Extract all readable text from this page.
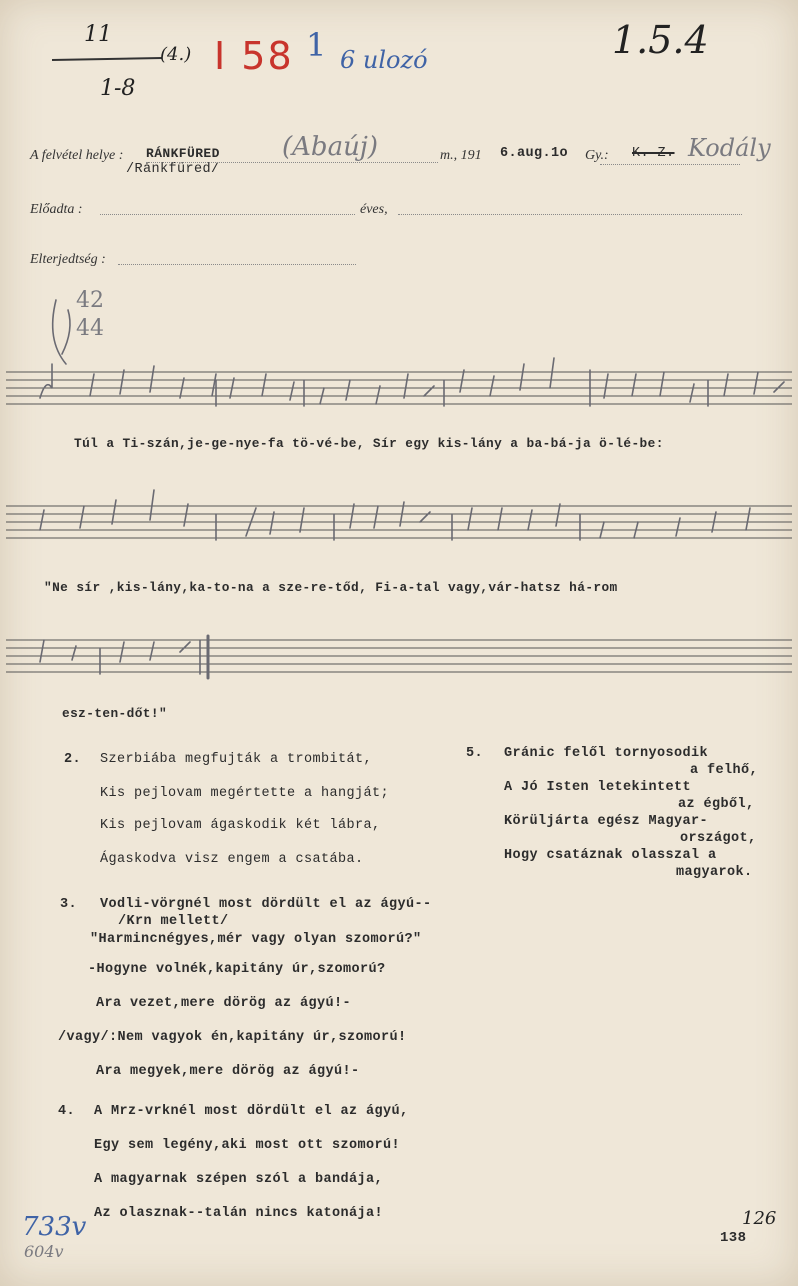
11
1-8
(4.) I 58 1 6 ulozó	1.5.4
A felvétel helye : RÁNKFÜRED
/Ránkfüred/
(Abaúj)	m., 191 6.aug.1o Gy.: K. Z. Kodály
Előadta :	éves,
Elterjedtség :
42
44
Túl a Ti-szán,je-ge-nye-fa tö-vé-be, Sír egy kis-lány a ba-bá-ja ö-lé-be:
"Ne sír ,kis-lány,ka-to-na a sze-re-tőd, Fi-a-tal vagy,vár-hatsz há-rom
esz-ten-dőt!"
2. Szerbiába megfujták a trombitát,
Kis pejlovam megértette a hangját;
Kis pejlovam ágaskodik két lábra,
Ágaskodva visz engem a csatába.
5. Gránic felől tornyosodik
a felhő,
A Jó Isten letekintett
az égből,
Körüljárta egész Magyar-
országot,
Hogy csatáznak olasszal a
magyarok.
3. Vodli-vörgnél most dördült el az ágyú--
/Krn mellett/
"Harmincnégyes,mér vagy olyan szomorú?"
-Hogyne volnék,kapitány úr,szomorú?
Ara vezet,mere dörög az ágyú!-
/vagy/:Nem vagyok én,kapitány úr,szomorú!
Ara megyek,mere dörög az ágyú!-
4. A Mrz-vrknél most dördült el az ágyú,
Egy sem legény,aki most ott szomorú!
A magyarnak szépen szól a bandája,
Az olasznak--talán nincs katonája!
733v
604v
126
138
